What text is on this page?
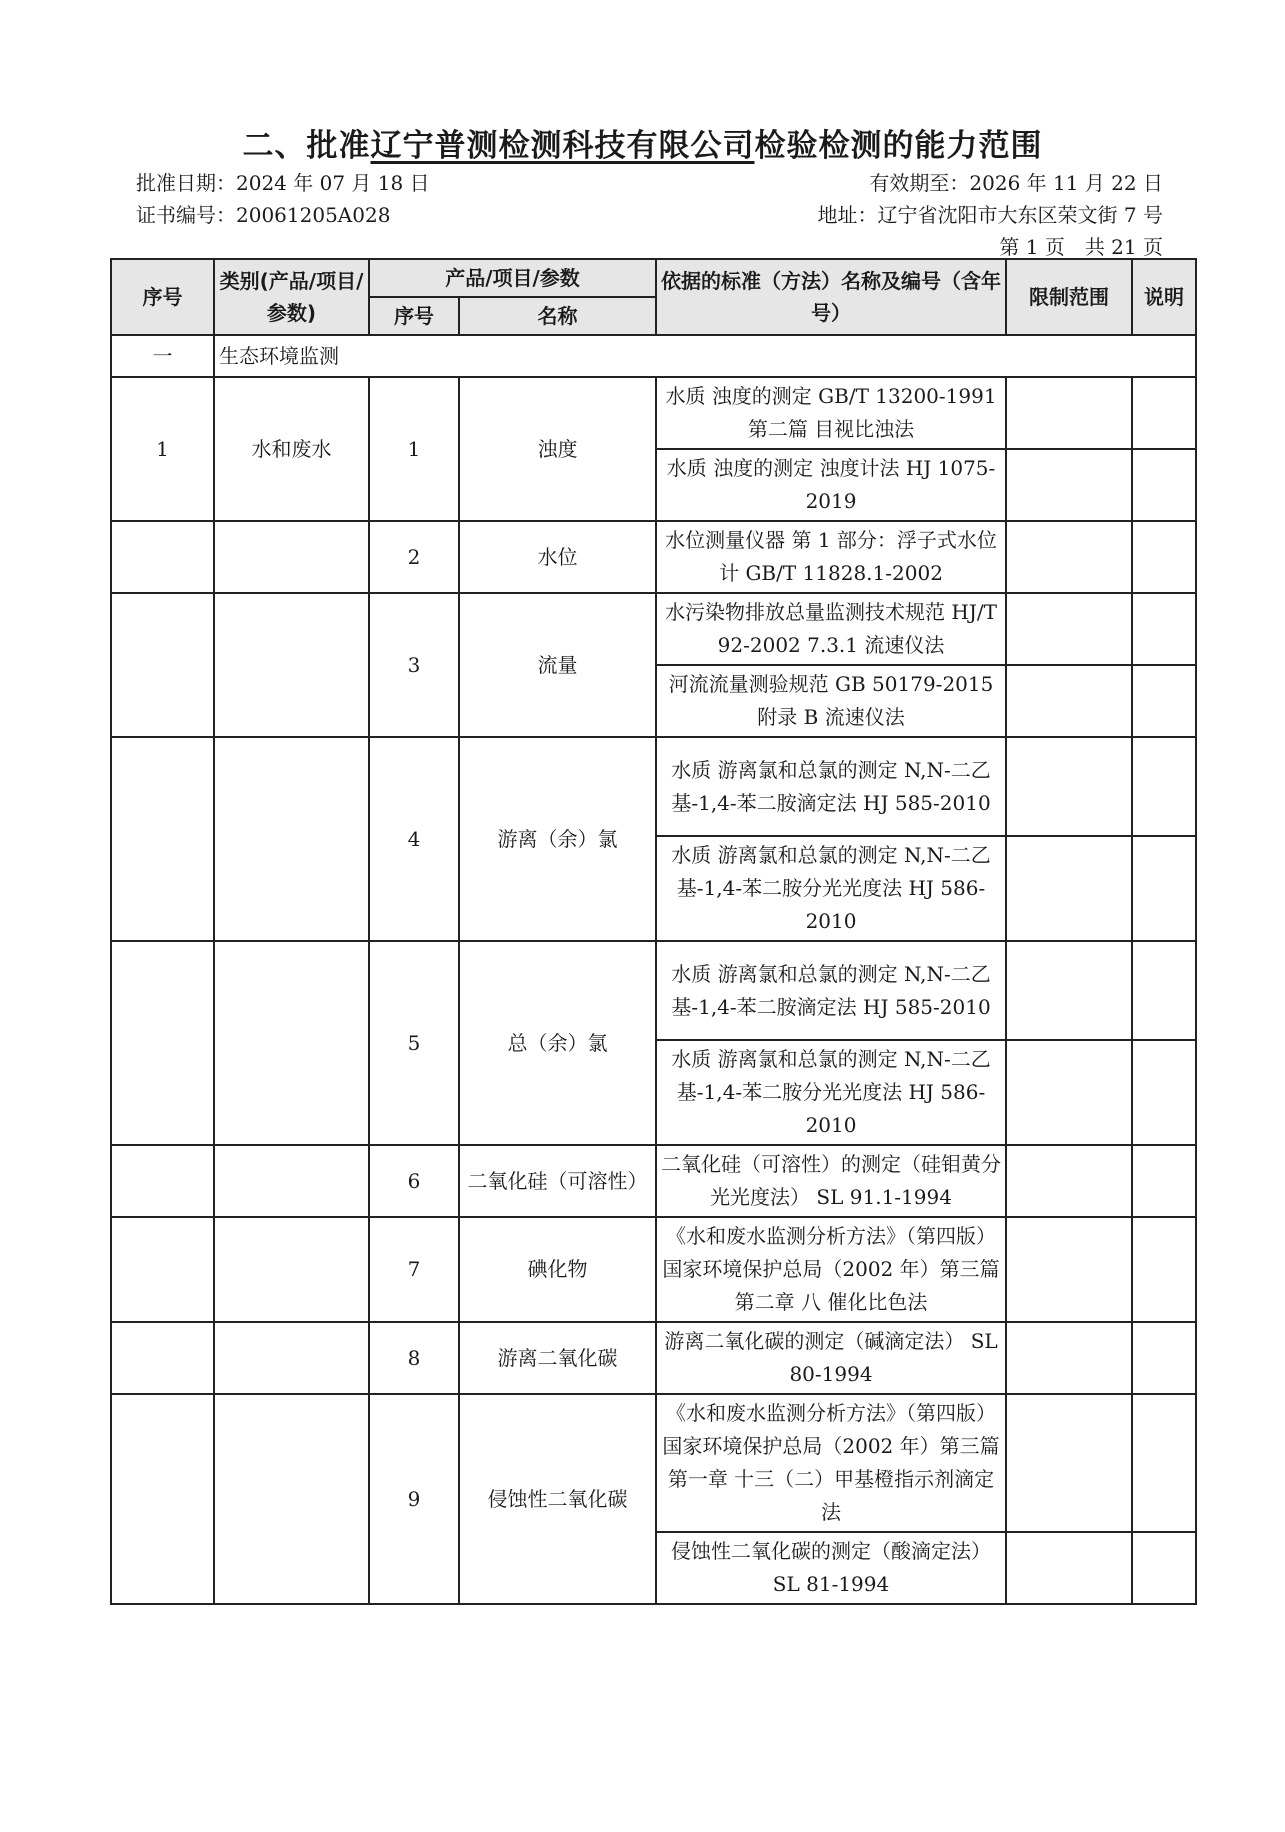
二、批准辽宁普测检测科技有限公司检验检测的能力范围
批准日期：2024 年 07 月 18 日	有效期至：2026 年 11 月 22 日
证书编号：20061205A028	地址：辽宁省沈阳市大东区荣文街 7 号
第 1 页　共 21 页
序号	类别(产品/项目/参数)	产品/项目/参数		依据的标准（方法）名称及编号（含年号）	限制范围	说明
		序号	名称			
一	生态环境监测					
1	水和废水	1	浊度	水质 浊度的测定 GB/T 13200-1991 第二篇 目视比浊法		
				水质 浊度的测定 浊度计法 HJ 1075-2019		
		2	水位	水位测量仪器 第 1 部分：浮子式水位计 GB/T 11828.1-2002		
		3	流量	水污染物排放总量监测技术规范 HJ/T 92-2002 7.3.1 流速仪法		
				河流流量测验规范 GB 50179-2015 附录 B 流速仪法		
		4	游离（余）氯	水质 游离氯和总氯的测定 N,N-二乙基-1,4-苯二胺滴定法 HJ 585-2010		
				水质 游离氯和总氯的测定 N,N-二乙基-1,4-苯二胺分光光度法 HJ 586-2010		
		5	总（余）氯	水质 游离氯和总氯的测定 N,N-二乙基-1,4-苯二胺滴定法 HJ 585-2010		
				水质 游离氯和总氯的测定 N,N-二乙基-1,4-苯二胺分光光度法 HJ 586-2010		
		6	二氧化硅（可溶性）	二氧化硅（可溶性）的测定（硅钼黄分光光度法） SL 91.1-1994		
		7	碘化物	《水和废水监测分析方法》（第四版）国家环境保护总局（2002 年）第三篇 第二章 八 催化比色法		
		8	游离二氧化碳	游离二氧化碳的测定（碱滴定法） SL 80-1994		
		9	侵蚀性二氧化碳	《水和废水监测分析方法》（第四版）国家环境保护总局（2002 年）第三篇 第一章 十三（二）甲基橙指示剂滴定法		
				侵蚀性二氧化碳的测定（酸滴定法） SL 81-1994		
